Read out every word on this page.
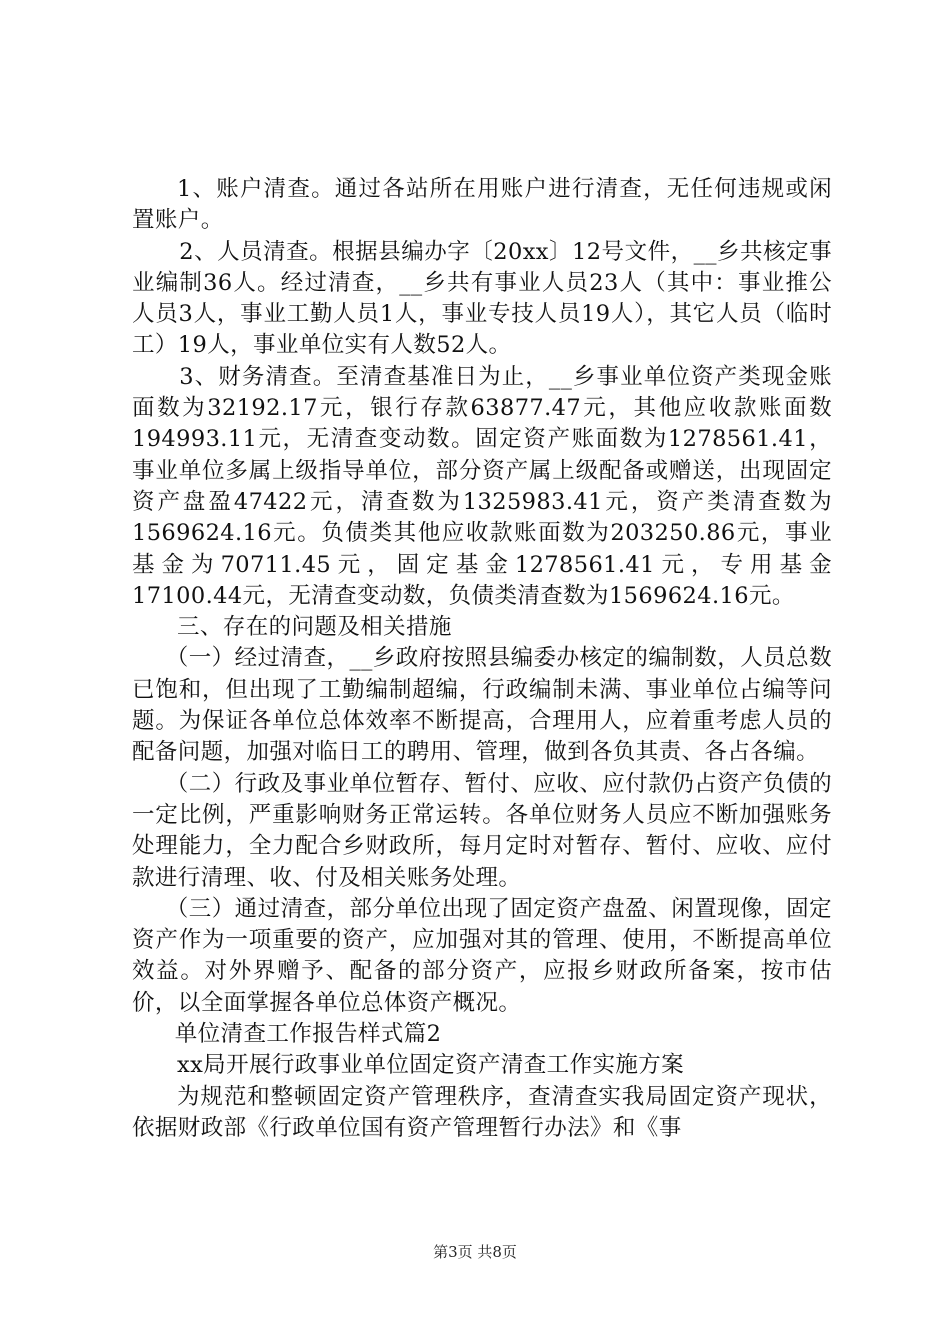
1、账户清查。通过各站所在用账户进行清查，无任何违规或闲置账户。

2、人员清查。根据县编办字〔20xx〕12号文件，__乡共核定事业编制36人。经过清查，__乡共有事业人员23人（其中：事业推公人员3人，事业工勤人员1人，事业专技人员19人），其它人员（临时工）19人，事业单位实有人数52人。

3、财务清查。至清查基准日为止，__乡事业单位资产类现金账面数为32192.17元，银行存款63877.47元，其他应收款账面数194993.11元，无清查变动数。固定资产账面数为1278561.41，事业单位多属上级指导单位，部分资产属上级配备或赠送，出现固定资产盘盈47422元，清查数为1325983.41元，资产类清查数为1569624.16元。负债类其他应收款账面数为203250.86元，事业基金为70711.45元，固定基金1278561.41元，专用基金17100.44元，无清查变动数，负债类清查数为1569624.16元。

三、存在的问题及相关措施

（一）经过清查，__乡政府按照县编委办核定的编制数，人员总数已饱和，但出现了工勤编制超编，行政编制未满、事业单位占编等问题。为保证各单位总体效率不断提高，合理用人，应着重考虑人员的配备问题，加强对临日工的聘用、管理，做到各负其责、各占各编。

（二）行政及事业单位暂存、暂付、应收、应付款仍占资产负债的一定比例，严重影响财务正常运转。各单位财务人员应不断加强账务处理能力，全力配合乡财政所，每月定时对暂存、暂付、应收、应付款进行清理、收、付及相关账务处理。

（三）通过清查，部分单位出现了固定资产盘盈、闲置现像，固定资产作为一项重要的资产，应加强对其的管理、使用，不断提高单位效益。对外界赠予、配备的部分资产，应报乡财政所备案，按市估价，以全面掌握各单位总体资产概况。

单位清查工作报告样式篇2

xx局开展行政事业单位固定资产清查工作实施方案

为规范和整顿固定资产管理秩序，查清查实我局固定资产现状，依据财政部《行政单位国有资产管理暂行办法》和《事

第3页 共8页
